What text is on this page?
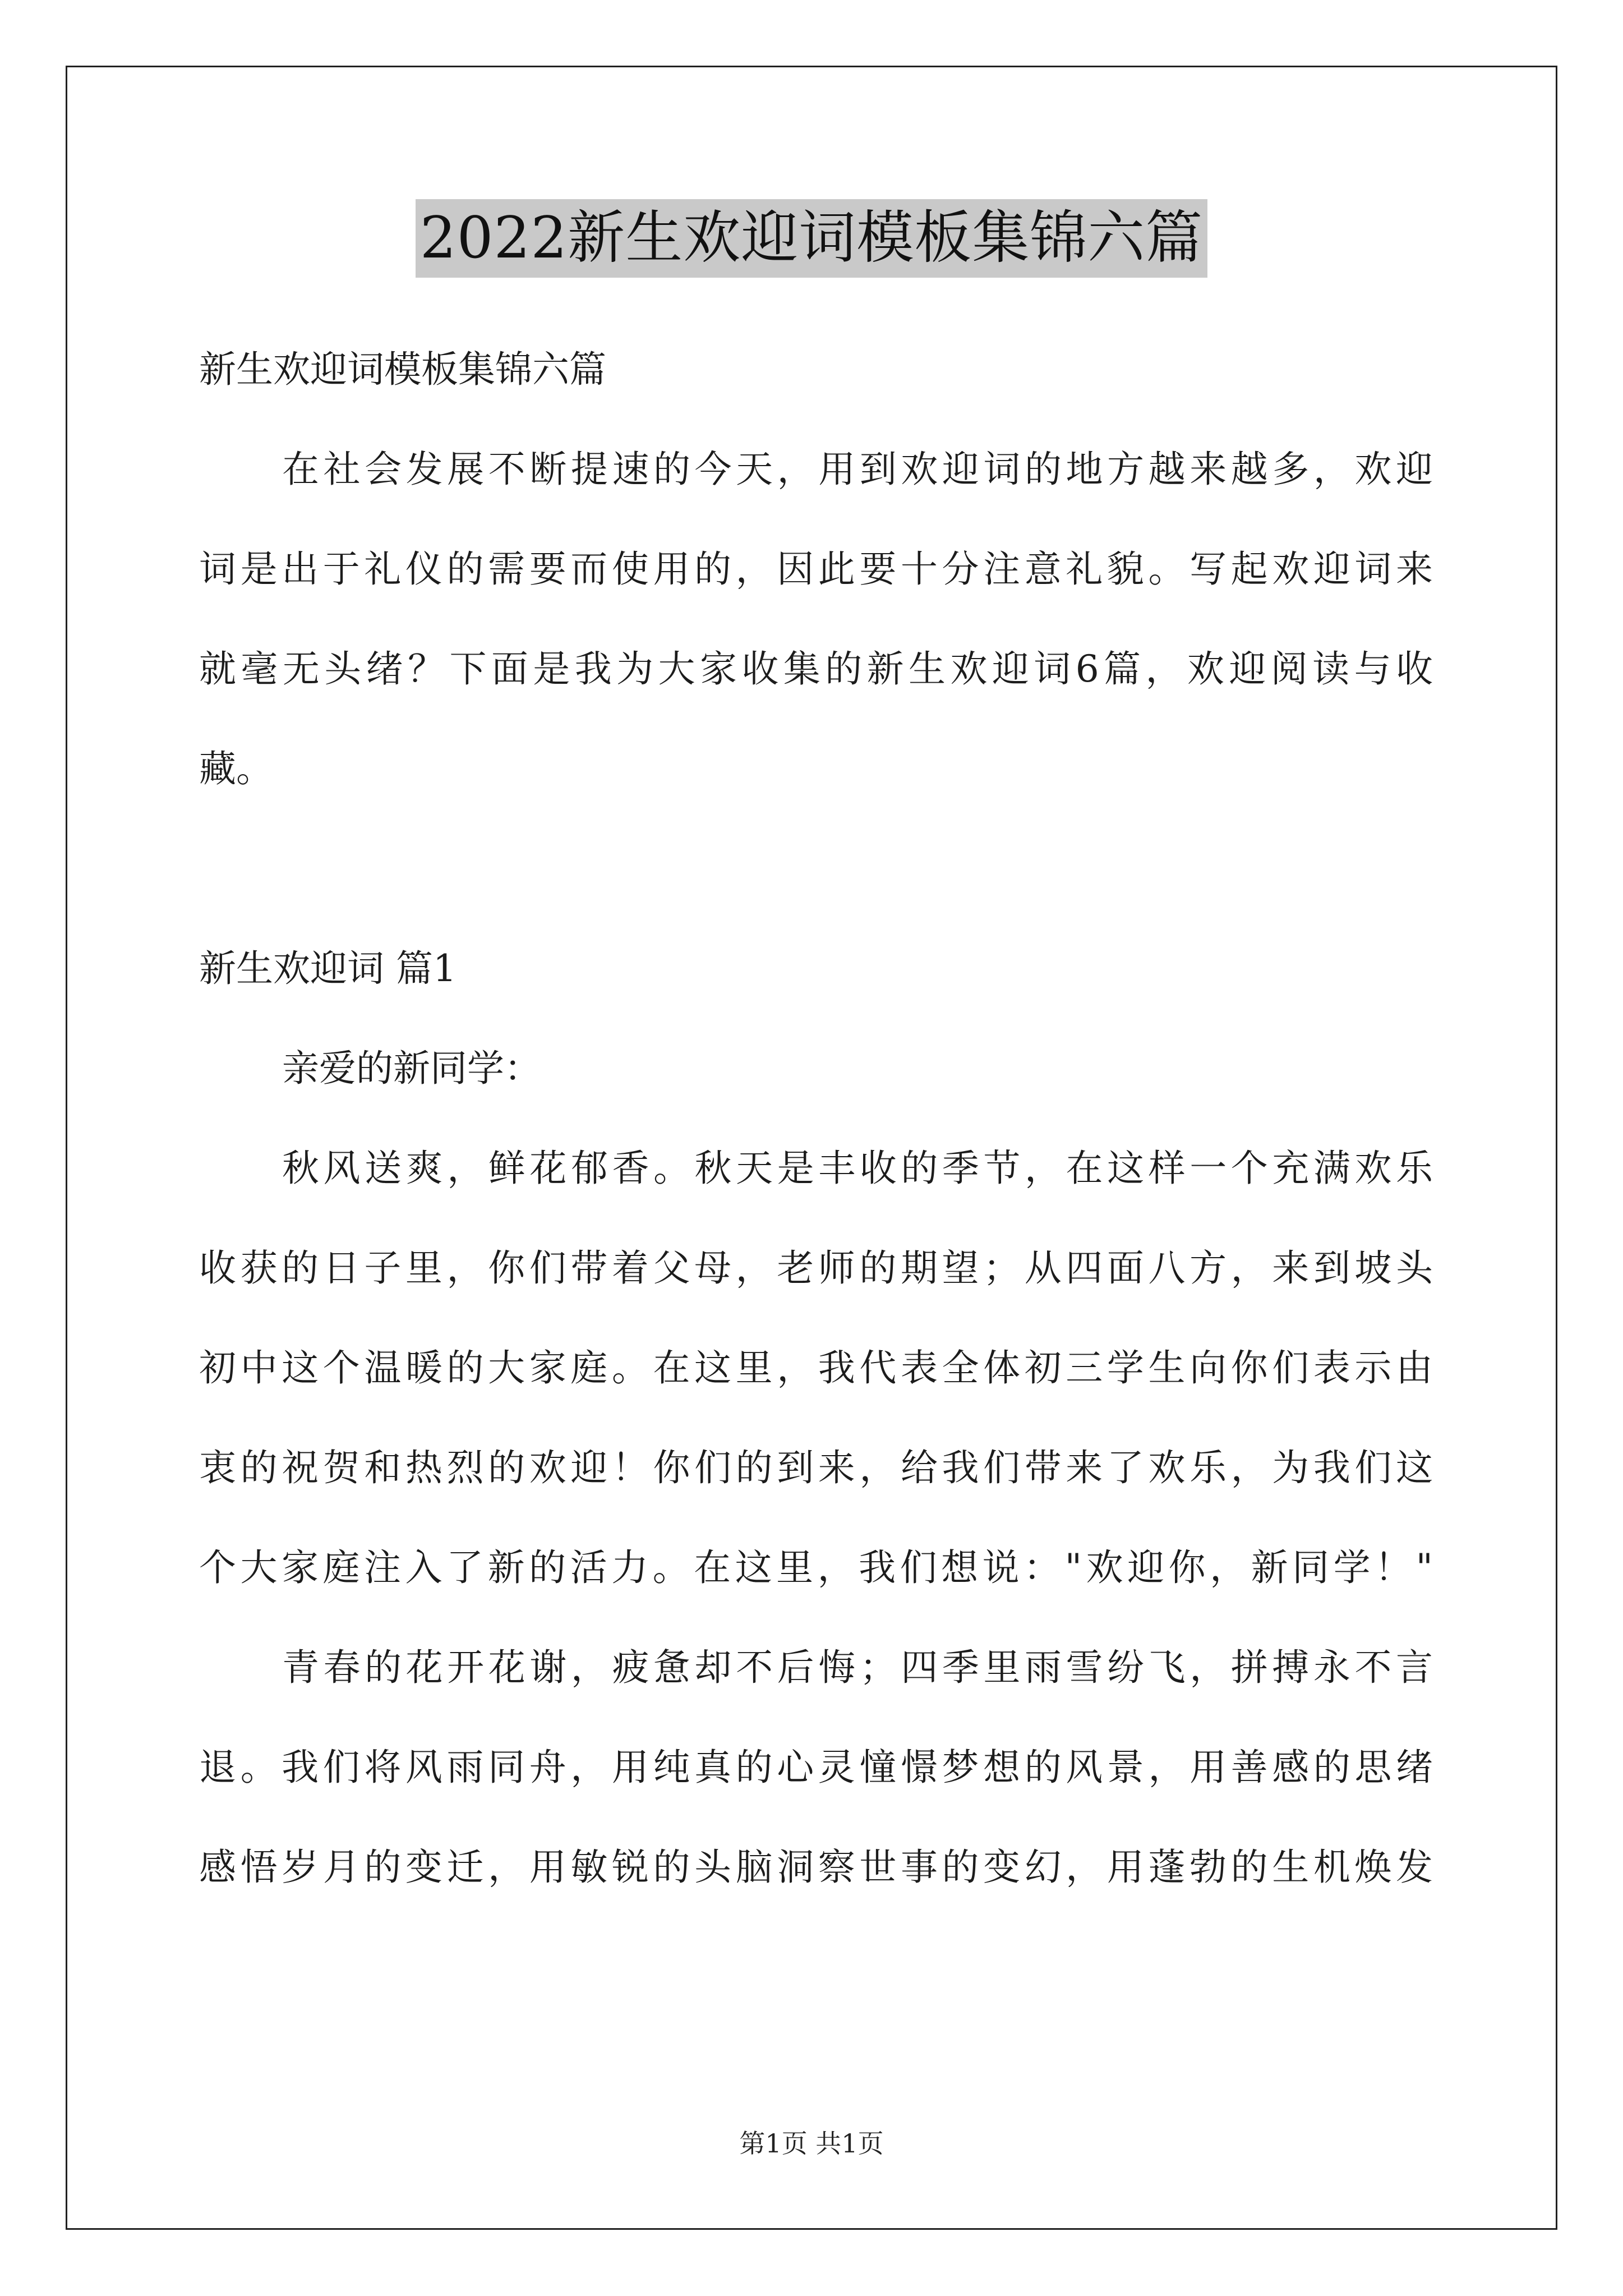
2022新生欢迎词模板集锦六篇
新生欢迎词模板集锦六篇
在社会发展不断提速的今天，用到欢迎词的地方越来越多，欢迎
词是出于礼仪的需要而使用的，因此要十分注意礼貌。写起欢迎词来
就毫无头绪？下面是我为大家收集的新生欢迎词6篇，欢迎阅读与收
藏。
新生欢迎词 篇1
亲爱的新同学：
秋风送爽，鲜花郁香。秋天是丰收的季节，在这样一个充满欢乐
收获的日子里，你们带着父母，老师的期望；从四面八方，来到坡头
初中这个温暖的大家庭。在这里，我代表全体初三学生向你们表示由
衷的祝贺和热烈的欢迎！你们的到来，给我们带来了欢乐，为我们这
个大家庭注入了新的活力。在这里，我们想说："欢迎你，新同学！"
青春的花开花谢，疲惫却不后悔；四季里雨雪纷飞，拼搏永不言
退。我们将风雨同舟，用纯真的心灵憧憬梦想的风景，用善感的思绪
感悟岁月的变迁，用敏锐的头脑洞察世事的变幻，用蓬勃的生机焕发
第1页 共1页
